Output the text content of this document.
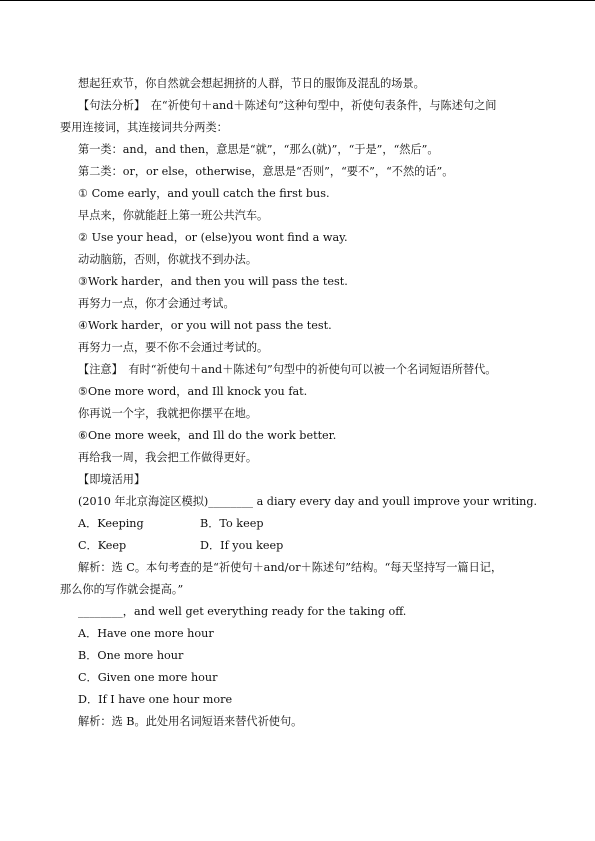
想起狂欢节，你自然就会想起拥挤的人群，节日的服饰及混乱的场景。
【句法分析】　在“祈使句＋and＋陈述句”这种句型中，祈使句表条件，与陈述句之间
要用连接词，其连接词共分两类：
第一类：and，and then，意思是“就”，“那么(就)”，“于是”，“然后”。
第二类：or，or else，otherwise，意思是“否则”，“要不”，“不然的话”。
① Come early，and youll catch the first bus.
早点来，你就能赶上第一班公共汽车。
② Use your head，or (else)you wont find a way.
动动脑筋，否则，你就找不到办法。
③Work harder，and then you will pass the test.
再努力一点，你才会通过考试。
④Work harder，or you will not pass the test.
再努力一点，要不你不会通过考试的。
【注意】　有时“祈使句＋and＋陈述句”句型中的祈使句可以被一个名词短语所替代。
⑤One more word，and Ill knock you fat.
你再说一个字，我就把你摆平在地。
⑥One more week，and Ill do the work better.
再给我一周，我会把工作做得更好。
【即境活用】
(2010 年北京海淀区模拟)________ a diary every day and youll improve your writing.
A．Keeping	B．To keep
C．Keep	D．If you keep
解析：选 C。本句考查的是“祈使句＋and/or＋陈述句”结构。“每天坚持写一篇日记，
那么你的写作就会提高。”
________，and well get everything ready for the taking off.
A．Have one more hour
B．One more hour
C．Given one more hour
D．If I have one hour more
解析：选 B。此处用名词短语来替代祈使句。
